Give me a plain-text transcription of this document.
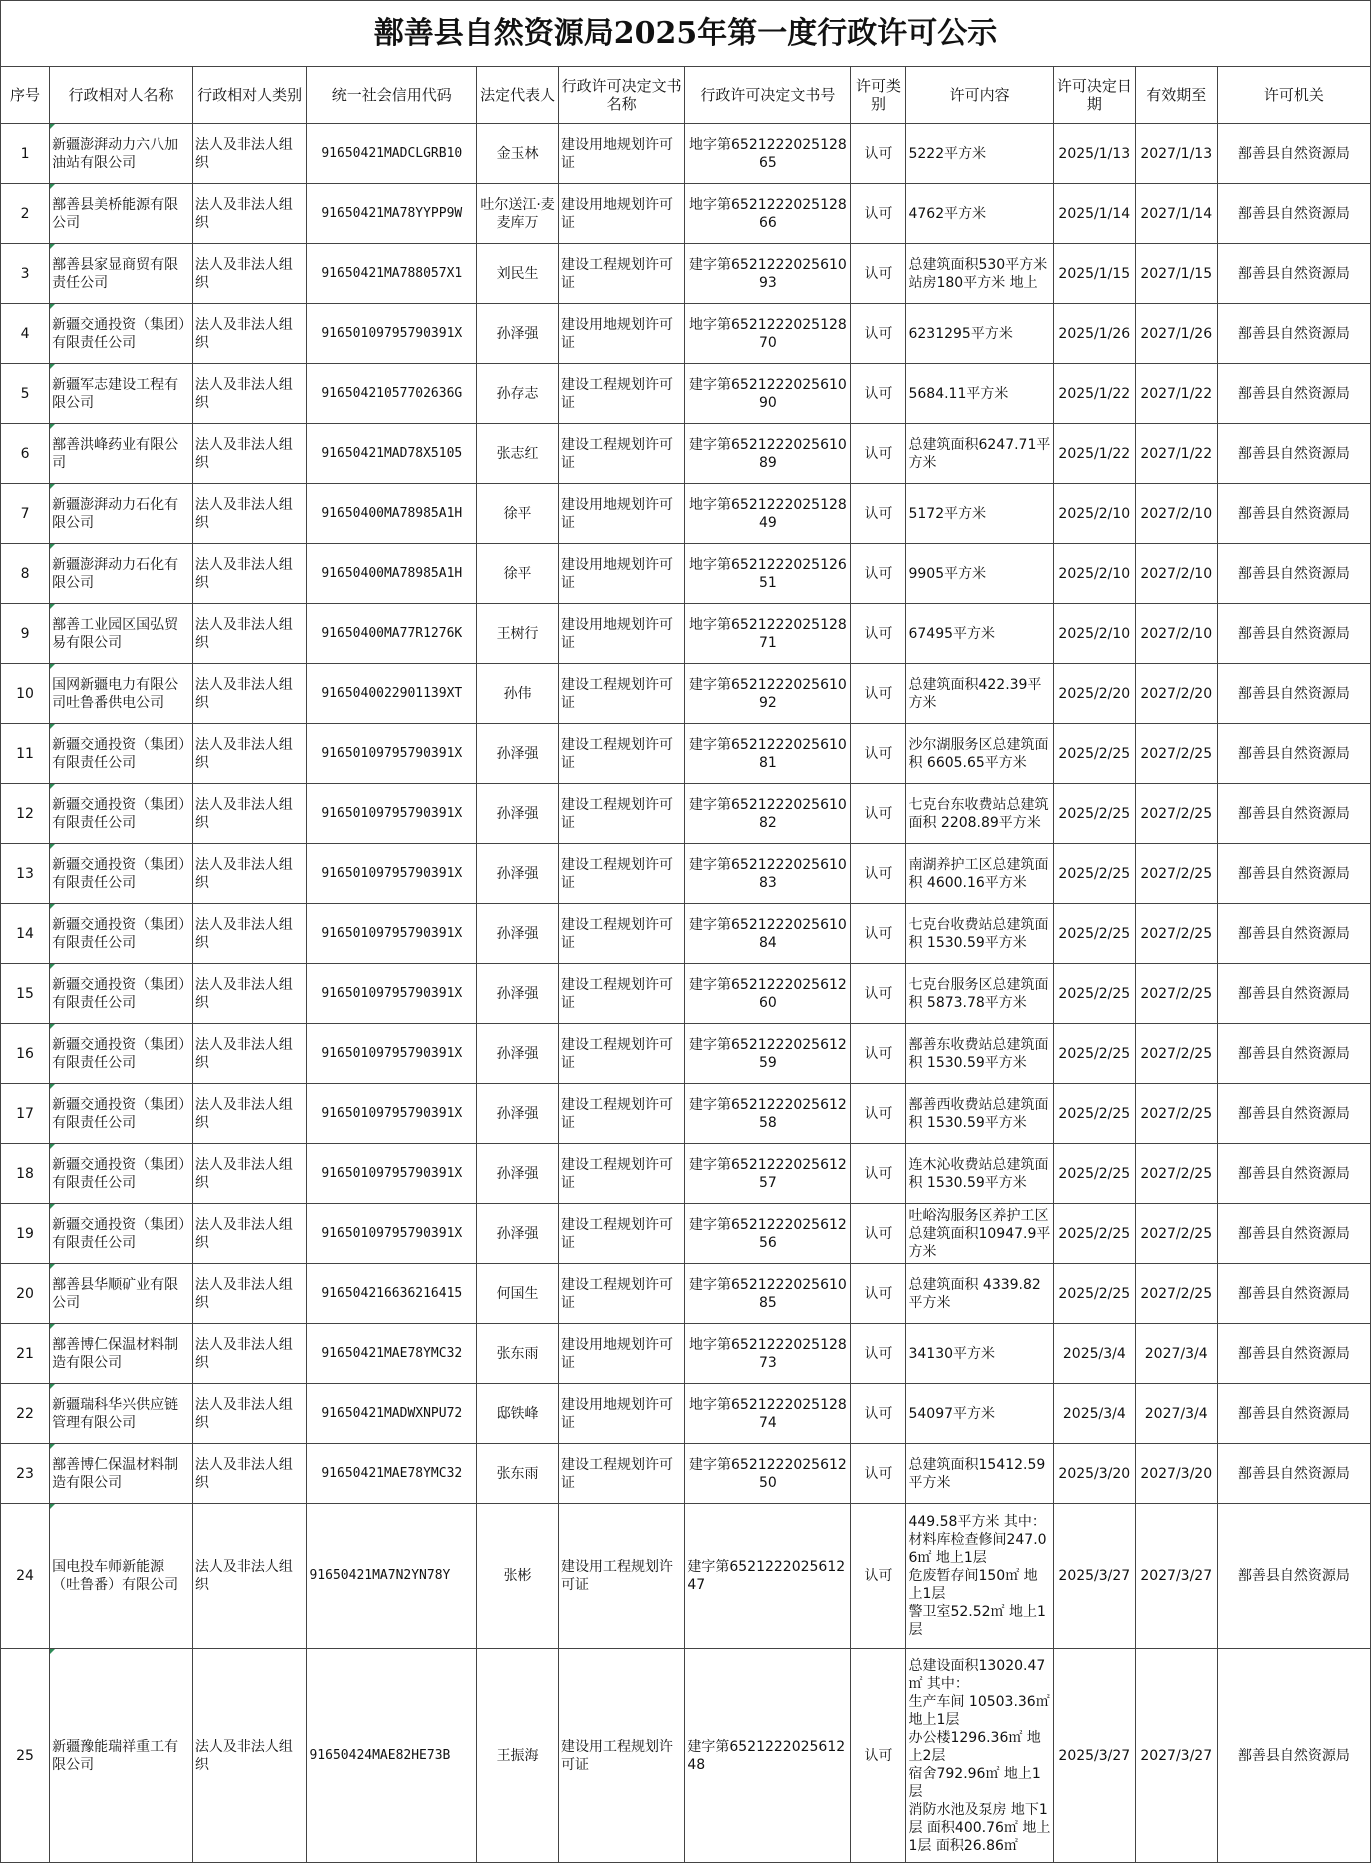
鄯善县自然资源局2025年第一度行政许可公示
序号	行政相对人名称	行政相对人类别	统一社会信用代码	法定代表人	行政许可决定文书名称	行政许可决定文书号	许可类别	许可内容	许可决定日期	有效期至	许可机关
1	新疆澎湃动力六八加油站有限公司	法人及非法人组织	91650421MADCLGRB10	金玉林	建设用地规划许可证	地字第652122202512865	认可	5222平方米	2025/1/13	2027/1/13	鄯善县自然资源局
2	鄯善县美桥能源有限公司	法人及非法人组织	91650421MA78YYPP9W	吐尔送江·麦麦库万	建设用地规划许可证	地字第652122202512866	认可	4762平方米	2025/1/14	2027/1/14	鄯善县自然资源局
3	鄯善县家显商贸有限责任公司	法人及非法人组织	91650421MA788057X1	刘民生	建设工程规划许可证	建字第652122202561093	认可	总建筑面积530平方米
站房180平方米 地上	2025/1/15	2027/1/15	鄯善县自然资源局
4	新疆交通投资（集团）有限责任公司	法人及非法人组织	91650109795790391X	孙泽强	建设用地规划许可证	地字第652122202512870	认可	6231295平方米	2025/1/26	2027/1/26	鄯善县自然资源局
5	新疆军志建设工程有限公司	法人及非法人组织	91650421057702636G	孙存志	建设工程规划许可证	建字第652122202561090	认可	5684.11平方米	2025/1/22	2027/1/22	鄯善县自然资源局
6	鄯善洪峰药业有限公司	法人及非法人组织	91650421MAD78X5105	张志红	建设工程规划许可证	建字第652122202561089	认可	总建筑面积6247.71平方米	2025/1/22	2027/1/22	鄯善县自然资源局
7	新疆澎湃动力石化有限公司	法人及非法人组织	91650400MA78985A1H	徐平	建设用地规划许可证	地字第652122202512849	认可	5172平方米	2025/2/10	2027/2/10	鄯善县自然资源局
8	新疆澎湃动力石化有限公司	法人及非法人组织	91650400MA78985A1H	徐平	建设用地规划许可证	地字第652122202512651	认可	9905平方米	2025/2/10	2027/2/10	鄯善县自然资源局
9	鄯善工业园区国弘贸易有限公司	法人及非法人组织	91650400MA77R1276K	王树行	建设用地规划许可证	地字第652122202512871	认可	67495平方米	2025/2/10	2027/2/10	鄯善县自然资源局
10	国网新疆电力有限公司吐鲁番供电公司	法人及非法人组织	916504002290113​9XT	孙伟	建设工程规划许可证	建字第652122202561092	认可	总建筑面积422.39平方米	2025/2/20	2027/2/20	鄯善县自然资源局
11	新疆交通投资（集团）有限责任公司	法人及非法人组织	91650109795790391X	孙泽强	建设工程规划许可证	建字第652122202561081	认可	沙尔湖服务区总建筑面积 6605.65平方米	2025/2/25	2027/2/25	鄯善县自然资源局
12	新疆交通投资（集团）有限责任公司	法人及非法人组织	91650109795790391X	孙泽强	建设工程规划许可证	建字第652122202561082	认可	七克台东收费站总建筑面积 2208.89平方米	2025/2/25	2027/2/25	鄯善县自然资源局
13	新疆交通投资（集团）有限责任公司	法人及非法人组织	91650109795790391X	孙泽强	建设工程规划许可证	建字第652122202561083	认可	南湖养护工区总建筑面积 4600.16平方米	2025/2/25	2027/2/25	鄯善县自然资源局
14	新疆交通投资（集团）有限责任公司	法人及非法人组织	91650109795790391X	孙泽强	建设工程规划许可证	建字第652122202561084	认可	七克台收费站总建筑面积 1530.59平方米	2025/2/25	2027/2/25	鄯善县自然资源局
15	新疆交通投资（集团）有限责任公司	法人及非法人组织	91650109795790391X	孙泽强	建设工程规划许可证	建字第652122202561260	认可	七克台服务区总建筑面积 5873.78平方米	2025/2/25	2027/2/25	鄯善县自然资源局
16	新疆交通投资（集团）有限责任公司	法人及非法人组织	91650109795790391X	孙泽强	建设工程规划许可证	建字第652122202561259	认可	鄯善东收费站总建筑面积 1530.59平方米	2025/2/25	2027/2/25	鄯善县自然资源局
17	新疆交通投资（集团）有限责任公司	法人及非法人组织	91650109795790391X	孙泽强	建设工程规划许可证	建字第652122202561258	认可	鄯善西收费站总建筑面积 1530.59平方米	2025/2/25	2027/2/25	鄯善县自然资源局
18	新疆交通投资（集团）有限责任公司	法人及非法人组织	91650109795790391X	孙泽强	建设工程规划许可证	建字第652122202561257	认可	连木沁收费站总建筑面积 1530.59平方米	2025/2/25	2027/2/25	鄯善县自然资源局
19	新疆交通投资（集团）有限责任公司	法人及非法人组织	91650109795790391X	孙泽强	建设工程规划许可证	建字第652122202561256	认可	吐峪沟服务区养护工区总建筑面积10947.9平方米	2025/2/25	2027/2/25	鄯善县自然资源局
20	鄯善县华顺矿业有限公司	法人及非法人组织	916504216636216415	何国生	建设工程规划许可证	建字第652122202561085	认可	总建筑面积 4339.82平方米	2025/2/25	2027/2/25	鄯善县自然资源局
21	鄯善博仁保温材料制造有限公司	法人及非法人组织	91650421MAE78YMC32	张东雨	建设用地规划许可证	地字第652122202512873	认可	34130平方米	2025/3/4	2027/3/4	鄯善县自然资源局
22	新疆瑞科华兴供应链管理有限公司	法人及非法人组织	91650421MADWXNPU72	邸铁峰	建设用地规划许可证	地字第652122202512874	认可	54097平方米	2025/3/4	2027/3/4	鄯善县自然资源局
23	鄯善博仁保温材料制造有限公司	法人及非法人组织	91650421MAE78YMC32	张东雨	建设工程规划许可证	建字第652122202561250	认可	总建筑面积15412.59平方米	2025/3/20	2027/3/20	鄯善县自然资源局
24	国电投车师新能源（吐鲁番）有限公司	法人及非法人组织	91650421MA7N2YN78Y	张彬	建设用工程规划许可证	建字第652122202561247	认可	449.58平方米 其中：
材料库检查修间247.06㎡ 地上1层
危废暂存间150㎡ 地上1层
警卫室52.52㎡ 地上1层	2025/3/27	2027/3/27	鄯善县自然资源局
25	新疆豫能瑞祥重工有限公司	法人及非法人组织	91650424MAE82HE73B	王振海	建设用工程规划许可证	建字第652122202561248	认可	总建设面积13020.47㎡ 其中：
生产车间 10503.36㎡ 地上1层
办公楼1296.36㎡ 地上2层
宿舍792.96㎡ 地上1层
消防水池及泵房 地下1层 面积400.76㎡ 地上1层 面积26.86㎡	2025/3/27	2027/3/27	鄯善县自然资源局
